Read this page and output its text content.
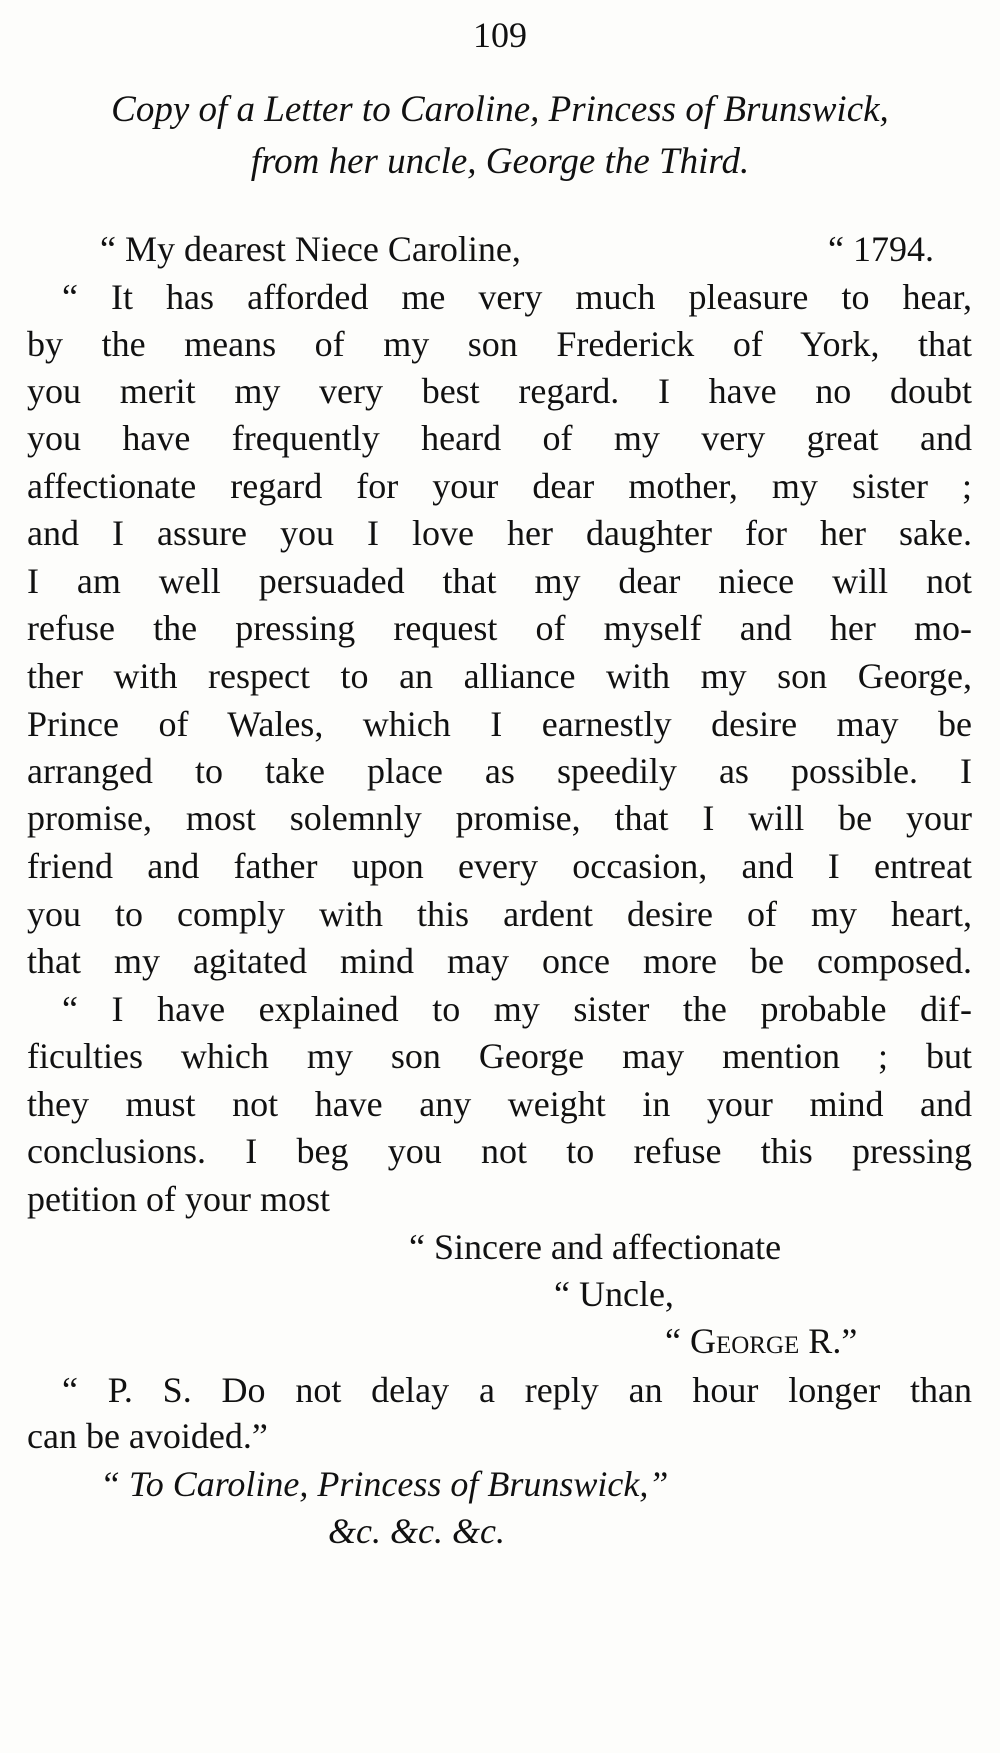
109
Copy of a Letter to Caroline, Princess of Brunswick,
from her uncle, George the Third.
“ My dearest Niece Caroline,	“ 1794.
“ It has afforded me very much pleasure to hear,
by the means of my son Frederick of York, that
you merit my very best regard. I have no doubt
you have frequently heard of my very great and
affectionate regard for your dear mother, my sister ;
and I assure you I love her daughter for her sake.
I am well persuaded that my dear niece will not
refuse the pressing request of myself and her mo-
ther with respect to an alliance with my son George,
Prince of Wales, which I earnestly desire may be
arranged to take place as speedily as possible. I
promise, most solemnly promise, that I will be your
friend and father upon every occasion, and I entreat
you to comply with this ardent desire of my heart,
that my agitated mind may once more be composed.
“ I have explained to my sister the probable dif-
ficulties which my son George may mention ; but
they must not have any weight in your mind and
conclusions. I beg you not to refuse this pressing
petition of your most
“ Sincere and affectionate
“ Uncle,
“ George R.”
“ P. S. Do not delay a reply an hour longer than
can be avoided.”
“ To Caroline, Princess of Brunswick,”
&c. &c. &c.
